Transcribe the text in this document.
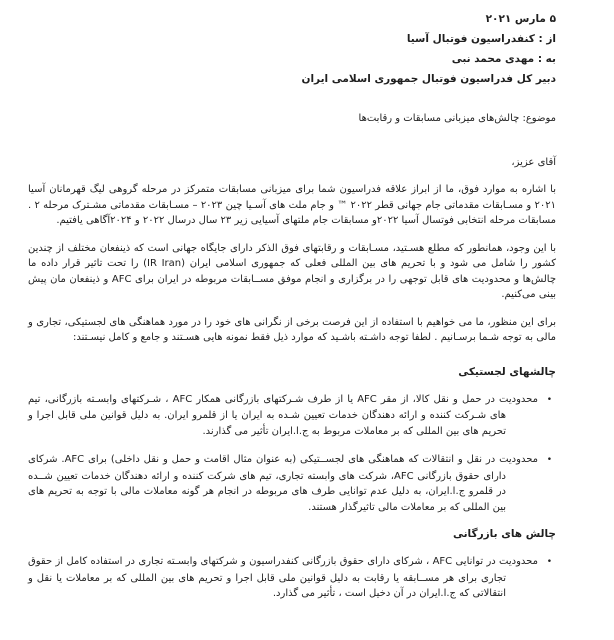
۵ مارس ۲۰۲۱
از : کنفدراسیون فوتبال آسیا
به : مهدی محمد نبی
دبیر کل فدراسیون فوتبال جمهوری اسلامی ایران
موضوع: چالش‌های میزبانی مسابقات و رقابت‌ها
آقای عزیز،

با اشاره به موارد فوق، ما از ابراز علاقه فدراسیون شما برای میزبانی مسابقات متمرکز در مرحله گروهی لیگ قهرمانان آسیا ۲۰۲۱ و مسـابقات مقدماتی جام جهانی قطر ۲۰۲۲ ™ و جام ملت های آسـیا چین ۲۰۲۳ – مسـابقات مقدماتی مشـترک مرحله ۲ . مسابقات مرحله انتخابی فوتسال آسیا ۲۰۲۲و مسابقات جام ملتهای آسیایی زیر ۲۳ سال درسال ۲۰۲۲ و ۲۰۲۴آگاهی یافتیم.

با این وجود، همانطور که مطلع هسـتید، مسـابقات و رقابتهای فوق الذکر دارای جایگاه جهانی است که ذینفعان مختلف از چندین کشور را شامل می شود و با تحریم های بین المللی فعلی که جمهوری اسلامی ایران (IR Iran) را تحت تاثیر قرار داده ما چالش‌ها و محدودیت های قابل توجهی را در برگزاری و انجام موفق مســابقات مربوطه در ایران برای AFC و ذینفعان مان پیش بینی می‌کنیم.

برای این منظور، ما می خواهیم با استفاده از این فرصت برخی از نگرانی های خود را در مورد هماهنگی های لجستیکی، تجاری و مالی به توجه شـما برسـانیم . لطفا توجه داشـته باشـید که موارد ذیل فقط نمونه هایی هسـتند و جامع و کامل نیسـتند:

چالشهای لجستیکی
•محدودیت در حمل و نقل کالا، از مقر AFC یا از طرف شـرکتهای بازرگانی همکار AFC ، شـرکتهای وابسـته بازرگانی، تیم های شـرکت کننده و ارائه دهندگان خدمات تعیین شـده به ایران یا از قلمرو ایران. به دلیل قوانین ملی قابل اجرا و تحریم های بین المللی که بر معاملات مربوط به ج.ا.ایران تأثیر می گذارند.
•محدودیت در نقل و انتقالات که هماهنگی های لجســتیکی (به عنوان مثال اقامت و حمل و نقل داخلی) برای AFC. شرکای دارای حقوق بازرگانی AFC، شرکت های وابسته تجاری، تیم های شرکت کننده و ارائه دهندگان خدمات تعیین شــده در قلمرو ج.ا.ایران، به دلیل عدم توانایی طرف های مربوطه در انجام هر گونه معاملات مالی با توجه به تحریم های بین المللی که بر معاملات مالی تاثیرگذار هستند.
چالش های بازرگانی
•محدودیت در توانایی AFC ، شرکای دارای حقوق بازرگانی کنفدراسیون و شرکتهای وابسـته تجاری در استفاده کامل از حقوق تجاری برای هر مســابقه یا رقابت به دلیل قوانین ملی قابل اجرا و تحریم های بین المللی که بر معاملات یا نقل و انتقالاتی که ج.ا.ایران در آن دخیل است ، تأثیر می گذارد.
